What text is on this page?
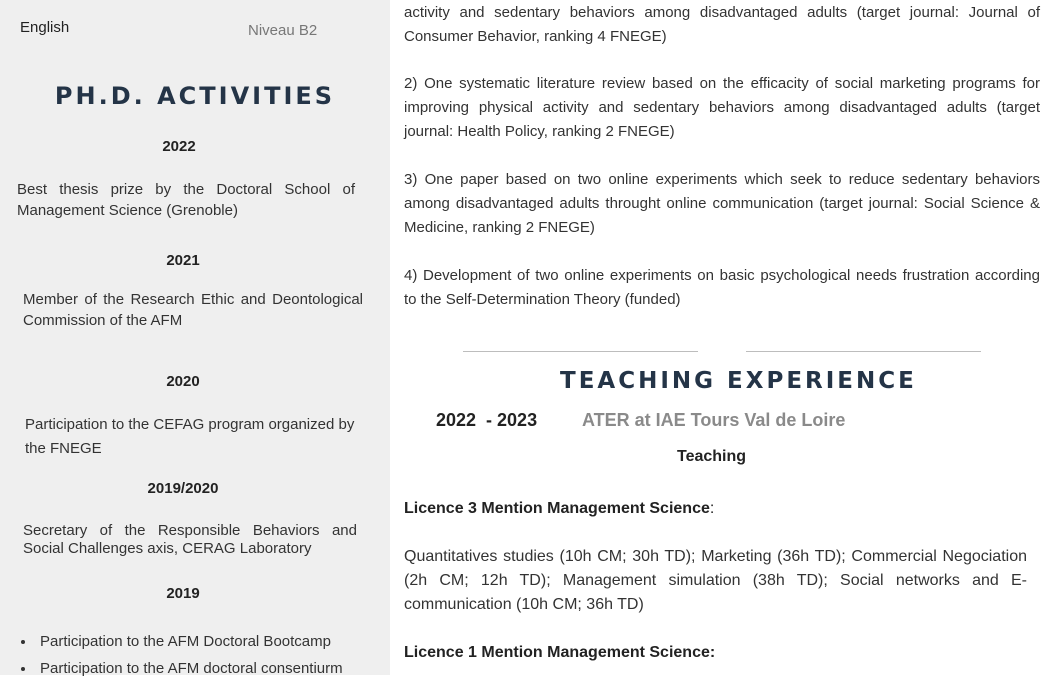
English	Niveau B2
PH.D. ACTIVITIES
2022
Best thesis prize by the Doctoral School of Management Science (Grenoble)
2021
Member of the Research Ethic and Deontological Commission of the AFM
2020
Participation to the CEFAG program organized by the FNEGE
2019/2020
Secretary of the Responsible Behaviors and Social Challenges axis, CERAG Laboratory
2019
• Participation to the AFM Doctoral Bootcamp
• Participation to the AFM doctoral consentiurm
activity and sedentary behaviors among disadvantaged adults (target journal: Journal of Consumer Behavior, ranking 4 FNEGE)
2) One systematic literature review based on the efficacity of social marketing programs for improving physical activity and sedentary behaviors among disadvantaged adults (target journal: Health Policy, ranking 2 FNEGE)
3) One paper based on two online experiments which seek to reduce sedentary behaviors among disadvantaged adults throught online communication (target journal: Social Science & Medicine, ranking 2 FNEGE)
4) Development of two online experiments on basic psychological needs frustration according to the Self-Determination Theory (funded)
TEACHING EXPERIENCE
2022  - 2023 ATER at IAE Tours Val de Loire
Teaching
Licence 3 Mention Management Science:
Quantitatives studies (10h CM; 30h TD); Marketing (36h TD); Commercial Negociation (2h CM; 12h TD); Management simulation (38h TD); Social networks and E-communication (10h CM; 36h TD)
Licence 1 Mention Management Science:
